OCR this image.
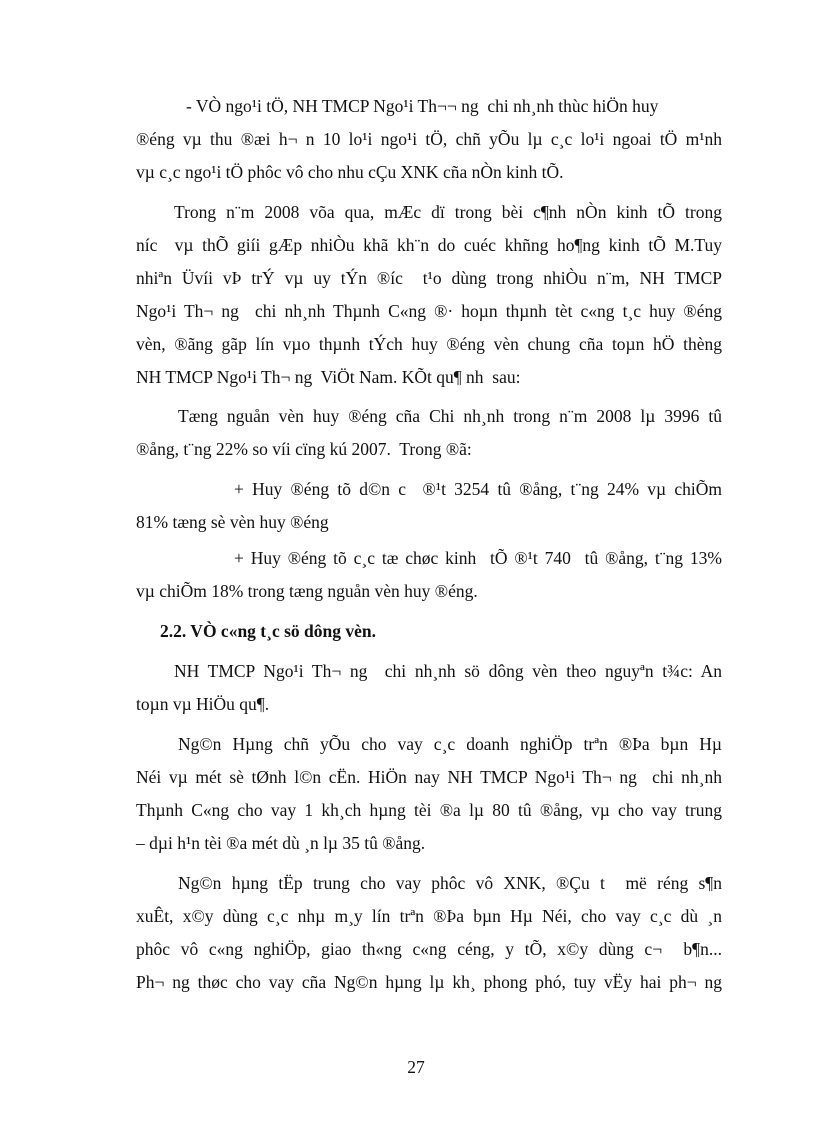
- VÒ ngo¹i tÖ, NH TMCP Ngo¹i Th¬¬ ng  chi nh¸nh thùc hiÖn huy
®éng vµ thu ®æi h¬ n 10 lo¹i ngo¹i tÖ, chñ yÕu lµ c¸c lo¹i ngoai tÖ m¹nh
vµ c¸c ngo¹i tÖ phôc vô cho nhu cÇu XNK cña nÒn kinh tÕ.
Trong n¨m 2008 võa qua, mÆc dï trong bèi c¶nh nÒn kinh tÕ trong
níc  vµ thÕ giíi gÆp nhiÒu khã kh¨n do cuéc khñng ho¶ng kinh tÕ M.Tuy
nhiªn Üvíi vÞ trÝ vµ uy tÝn ®íc  t¹o dùng trong nhiÒu n¨m, NH TMCP
Ngo¹i Th¬ ng  chi nh¸nh Thµnh C«ng ®· hoµn thµnh tèt c«ng t¸c huy ®éng
vèn, ®ãng gãp lín vµo thµnh tÝch huy ®éng vèn chung cña toµn hÖ thèng
NH TMCP Ngo¹i Th¬ ng  ViÖt Nam. KÕt qu¶ nh  sau:
Tæng nguån vèn huy ®éng cña Chi nh¸nh trong n¨m 2008 lµ 3996 tû
®ång, t¨ng 22% so víi cïng kú 2007.  Trong ®ã:
+ Huy ®éng tõ d©n c  ®¹t 3254 tû ®ång, t¨ng 24% vµ chiÕm
81% tæng sè vèn huy ®éng
+ Huy ®éng tõ c¸c tæ chøc kinh  tÕ ®¹t 740  tû ®ång, t¨ng 13%
vµ chiÕm 18% trong tæng nguån vèn huy ®éng.
2.2. VÒ c«ng t¸c sö dông vèn.
NH TMCP Ngo¹i Th¬ ng  chi nh¸nh sö dông vèn theo nguyªn t¾c: An
toµn vµ HiÖu qu¶.
Ng©n Hµng chñ yÕu cho vay c¸c doanh nghiÖp trªn ®Þa bµn Hµ
Néi vµ mét sè tØnh l©n cËn. HiÖn nay NH TMCP Ngo¹i Th¬ ng  chi nh¸nh
Thµnh C«ng cho vay 1 kh¸ch hµng tèi ®a lµ 80 tû ®ång, vµ cho vay trung
– dµi h¹n tèi ®a mét dù ¸n lµ 35 tû ®ång.
Ng©n hµng tËp trung cho vay phôc vô XNK, ®Çu t  më réng s¶n
xuÊt, x©y dùng c¸c nhµ m¸y lín trªn ®Þa bµn Hµ Néi, cho vay c¸c dù ¸n
phôc vô c«ng nghiÖp, giao th«ng c«ng céng, y tÕ, x©y dùng c¬  b¶n...
Ph¬ ng thøc cho vay cña Ng©n hµng lµ kh¸ phong phó, tuy vËy hai ph¬ ng
27
